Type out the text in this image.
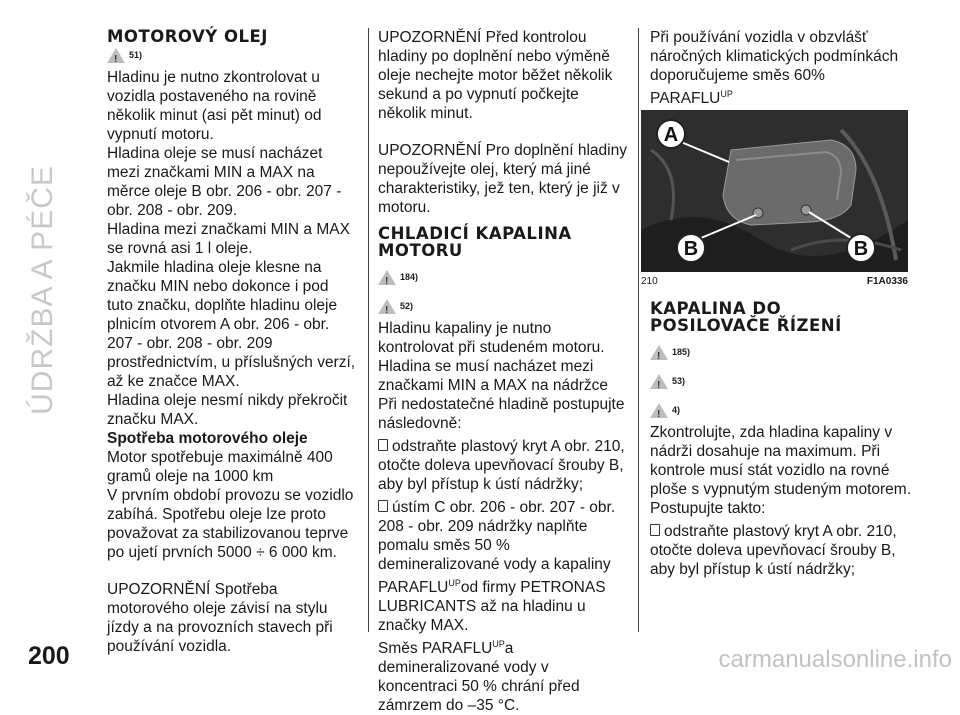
ÚDRŽBA A PÉČE
MOTOROVÝ OLEJ
!
51)

Hladinu je nutno zkontrolovat u vozidla postaveného na rovině několik minut (asi pět minut) od vypnutí motoru.

Hladina oleje se musí nacházet mezi značkami MIN a MAX na měrce oleje B obr. 206 - obr. 207 - obr. 208 - obr. 209.

Hladina mezi značkami MIN a MAX se rovná asi 1 l oleje.

Jakmile hladina oleje klesne na značku MIN nebo dokonce i pod tuto značku, doplňte hladinu oleje plnicím otvorem A obr. 206 - obr. 207 - obr. 208 - obr. 209 prostřednictvím, u příslušných verzí, až ke značce MAX.

Hladina oleje nesmí nikdy překročit značku MAX.

Spotřeba motorového oleje

Motor spotřebuje maximálně 400 gramů oleje na 1000 km

V prvním období provozu se vozidlo zabíhá. Spotřebu oleje lze proto považovat za stabilizovanou teprve po ujetí prvních 5000 ÷ 6 000 km.

UPOZORNĚNÍ Spotřeba motorového oleje závisí na stylu jízdy a na provozních stavech při používání vozidla.

UPOZORNĚNÍ Před kontrolou hladiny po doplnění nebo výměně oleje nechejte motor běžet několik sekund a po vypnutí počkejte několik minut.

UPOZORNĚNÍ Pro doplnění hladiny nepoužívejte olej, který má jiné charakteristiky, jež ten, který je již v motoru.

CHLADICÍ KAPALINA MOTORU
!
184)
!
52)

Hladinu kapaliny je nutno kontrolovat při studeném motoru. Hladina se musí nacházet mezi značkami MIN a MAX na nádržce

Při nedostatečné hladině postupujte následovně:

odstraňte plastový kryt A obr. 210, otočte doleva upevňovací šrouby B, aby byl přístup k ústí nádržky;

ústím C obr. 206 - obr. 207 - obr. 208 - obr. 209 nádržky naplňte pomalu směs 50 % demineralizované vody a kapaliny $PARAFLU^{UP}od$ firmy PETRONAS LUBRICANTS až na hladinu u značky MAX.

Směs $PARAFLU^{UP}a$ demineralizované vody v koncentraci 50 % chrání před zámrzem do –35 °C.

Při používání vozidla v obzvlášť náročných klimatických podmínkách doporučujeme směs 60% $PARAFLU^{UP}$

A
B	B
210	F1A0336
KAPALINA DO POSILOVAČE ŘÍZENÍ
!
185)
!
53)
!
4)

Zkontrolujte, zda hladina kapaliny v nádrži dosahuje na maximum. Při kontrole musí stát vozidlo na rovné ploše s vypnutým studeným motorem. Postupujte takto:

odstraňte plastový kryt A obr. 210, otočte doleva upevňovací šrouby B, aby byl přístup k ústí nádržky;

200	carmanualsonline.info
